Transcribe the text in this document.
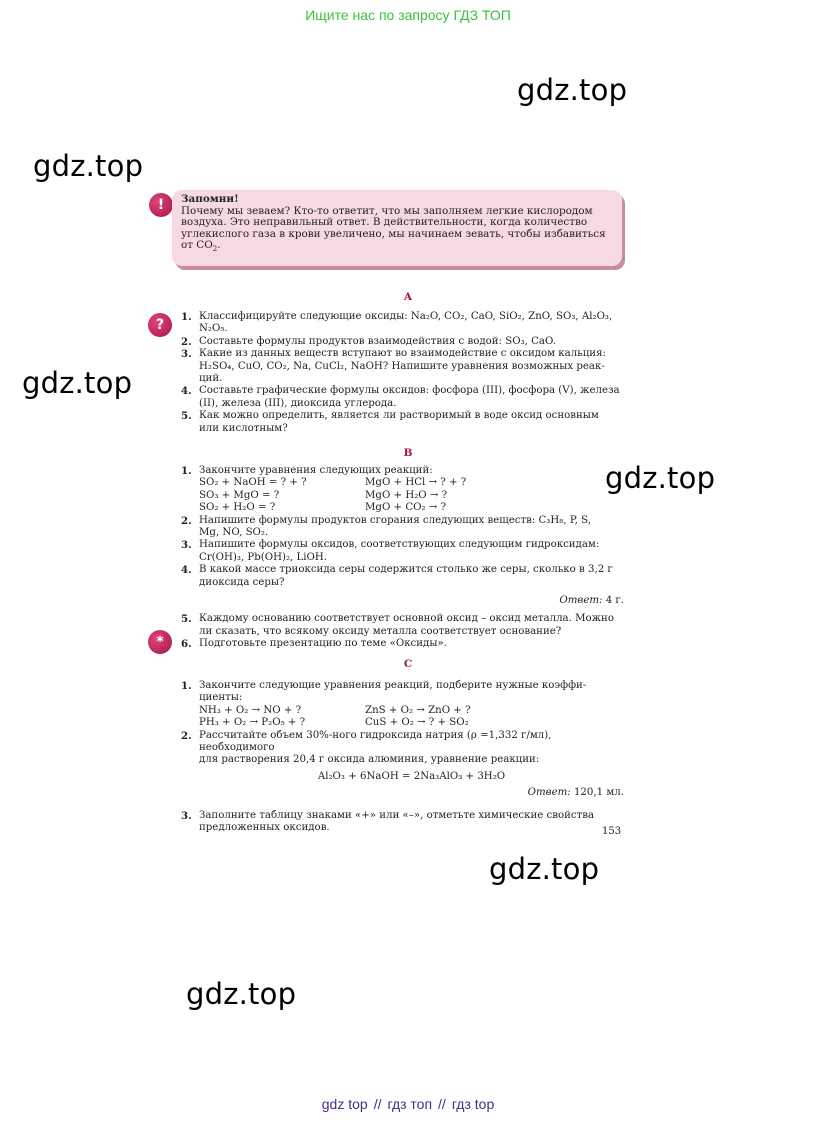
Ищите нас по запросу ГДЗ ТОП
gdz.top
gdz.top
gdz.top
gdz.top
gdz.top
gdz.top
!	Запомни!
Почему мы зеваем? Кто-то ответит, что мы заполняем легкие кислородом
воздуха. Это неправильный ответ. В действительности, когда количество
углекислого газа в крови увеличено, мы начинаем зевать, чтобы избавиться
от $CO_2$.
A
?	1. Классифицируйте следующие оксиды: Na₂O, CO₂, CaO, SiO₂, ZnO, SO₃, Al₂O₃,
N₂O₅.
2. Составьте формулы продуктов взаимодействия с водой: SO₃, CaO.
3. Какие из данных веществ вступают во взаимодействие с оксидом кальция:
H₂SO₄, CuO, CO₂, Na, CuCl₂, NaOH? Напишите уравнения возможных реак-
ций.
4. Составьте графические формулы оксидов: фосфора (III), фосфора (V), железа
(II), железа (III), диоксида углерода.
5. Как можно определить, является ли растворимый в воде оксид основным
или кислотным?
B
1. Закончите уравнения следующих реакций:
SO₂ + NaOH = ? + ?	MgO + HCl → ? + ?
SO₃ + MgO = ?	MgO + H₂O → ?
SO₂ + H₂O = ?	MgO + CO₂ → ?
2. Напишите формулы продуктов сгорания следующих веществ: C₃H₈, P, S,
Mg, NO, SO₂.
3. Напишите формулы оксидов, соответствующих следующим гидроксидам:
Cr(OH)₃, Pb(OH)₂, LiOH.
4. В какой массе триоксида серы содержится столько же серы, сколько в 3,2 г
диоксида серы?
Ответ: 4 г.
5. Каждому основанию соответствует основной оксид – оксид металла. Можно
ли сказать, что всякому оксиду металла соответствует основание?
6. Подготовьте презентацию по теме «Оксиды».
*
C
1. Закончите следующие уравнения реакций, подберите нужные коэффи-
циенты:
NH₃ + O₂ → NO + ?	ZnS + O₂ → ZnO + ?
PH₃ + O₂ → P₂O₅ + ?	CuS + O₂ → ? + SO₂
2. Рассчитайте объем 30%-ного гидроксида натрия (ρ =1,332 г/мл), необходимого
для растворения 20,4 г оксида алюминия, уравнение реакции:
Al₂O₃ + 6NaOH = 2Na₃AlO₃ + 3H₂O
Ответ: 120,1 мл.
3. Заполните таблицу знаками «+» или «–», отметьте химические свойства
предложенных оксидов.	153
gdz top // гдз топ // гдз top
